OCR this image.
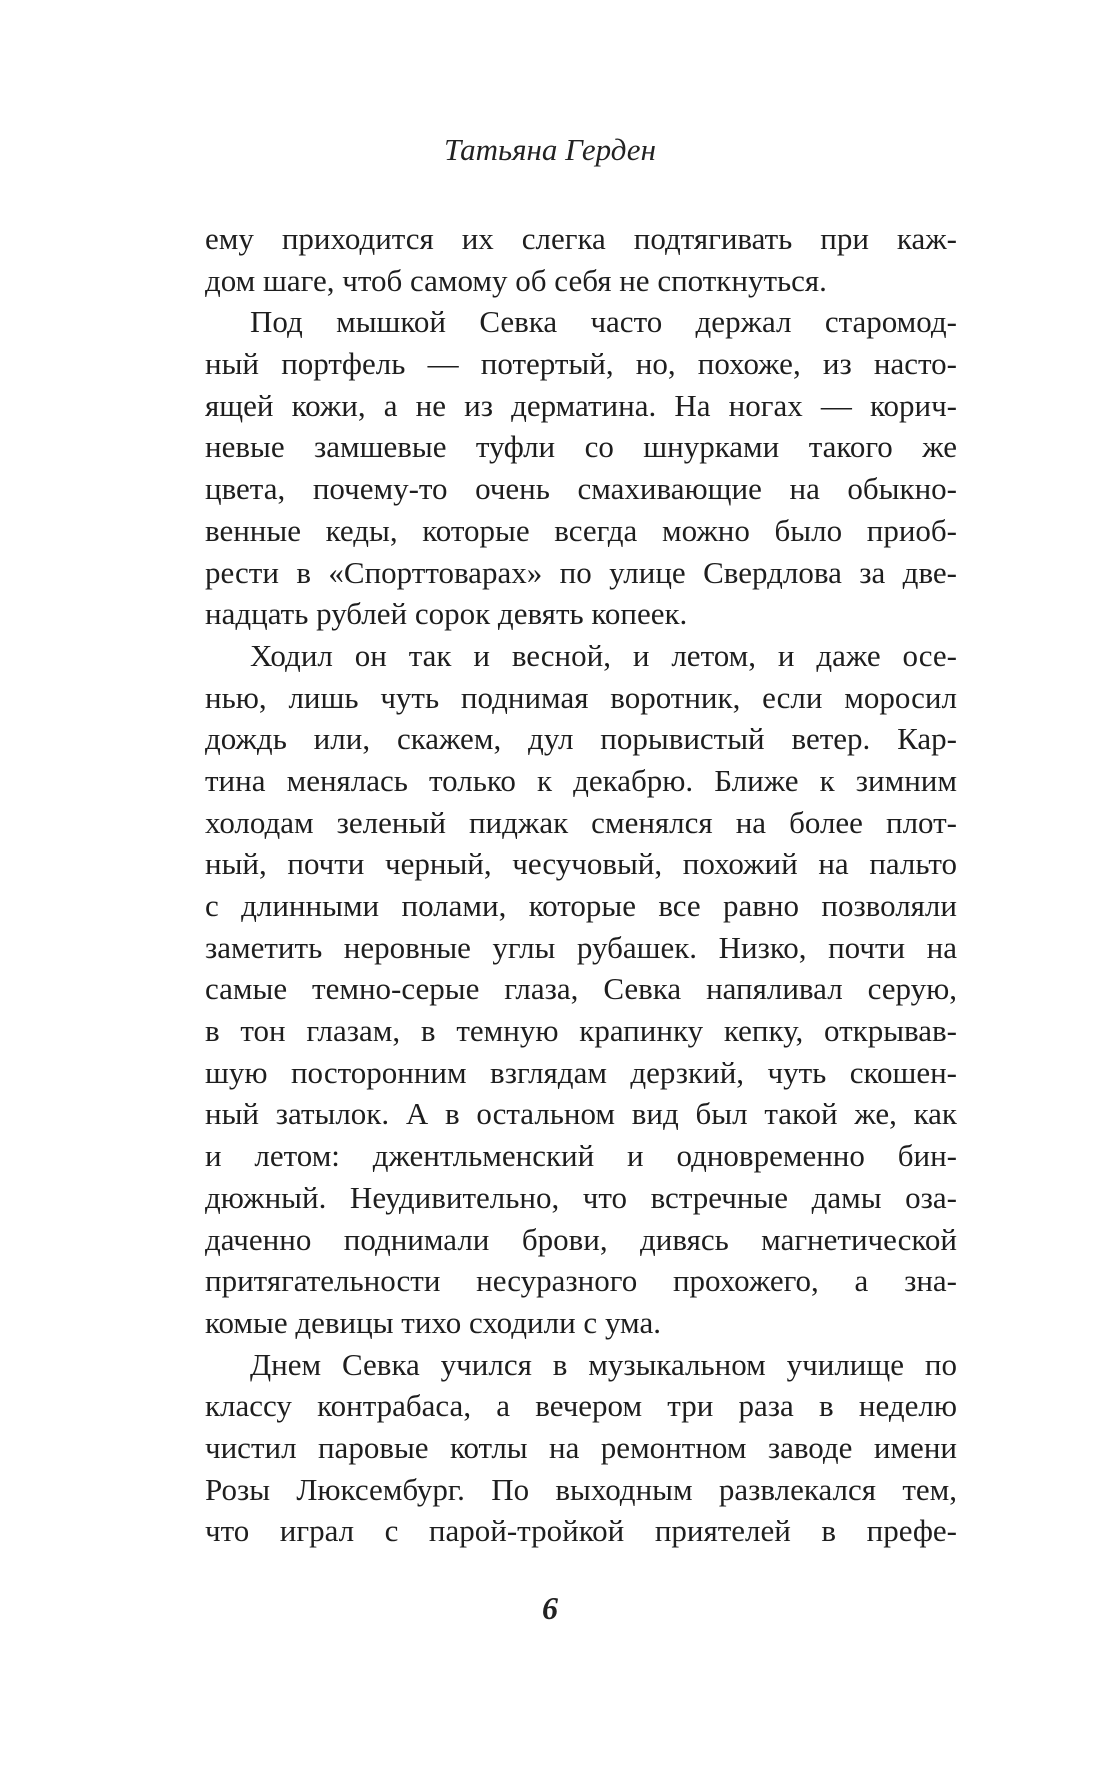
Татьяна Герден
ему приходится их слегка подтягивать при каж-
дом шаге, чтоб самому об себя не споткнуться.
Под мышкой Севка часто держал старомод-
ный портфель — потертый, но, похоже, из насто-
ящей кожи, а не из дерматина. На ногах — корич-
невые замшевые туфли со шнурками такого же
цвета, почему-то очень смахивающие на обыкно-
венные кеды, которые всегда можно было приоб-
рести в «Спорттоварах» по улице Свердлова за две-
надцать рублей сорок девять копеек.
Ходил он так и весной, и летом, и даже осе-
нью, лишь чуть поднимая воротник, если моросил
дождь или, скажем, дул порывистый ветер. Кар-
тина менялась только к декабрю. Ближе к зимним
холодам зеленый пиджак сменялся на более плот-
ный, почти черный, чесучовый, похожий на пальто
с длинными полами, которые все равно позволяли
заметить неровные углы рубашек. Низко, почти на
самые темно-серые глаза, Севка напяливал серую,
в тон глазам, в темную крапинку кепку, открывав-
шую посторонним взглядам дерзкий, чуть скошен-
ный затылок. А в остальном вид был такой же, как
и летом: джентльменский и одновременно бин-
дюжный. Неудивительно, что встречные дамы оза-
даченно поднимали брови, дивясь магнетической
притягательности несуразного прохожего, а зна-
комые девицы тихо сходили с ума.
Днем Севка учился в музыкальном училище по
классу контрабаса, а вечером три раза в неделю
чистил паровые котлы на ремонтном заводе имени
Розы Люксембург. По выходным развлекался тем,
что играл с парой-тройкой приятелей в префе-
6
